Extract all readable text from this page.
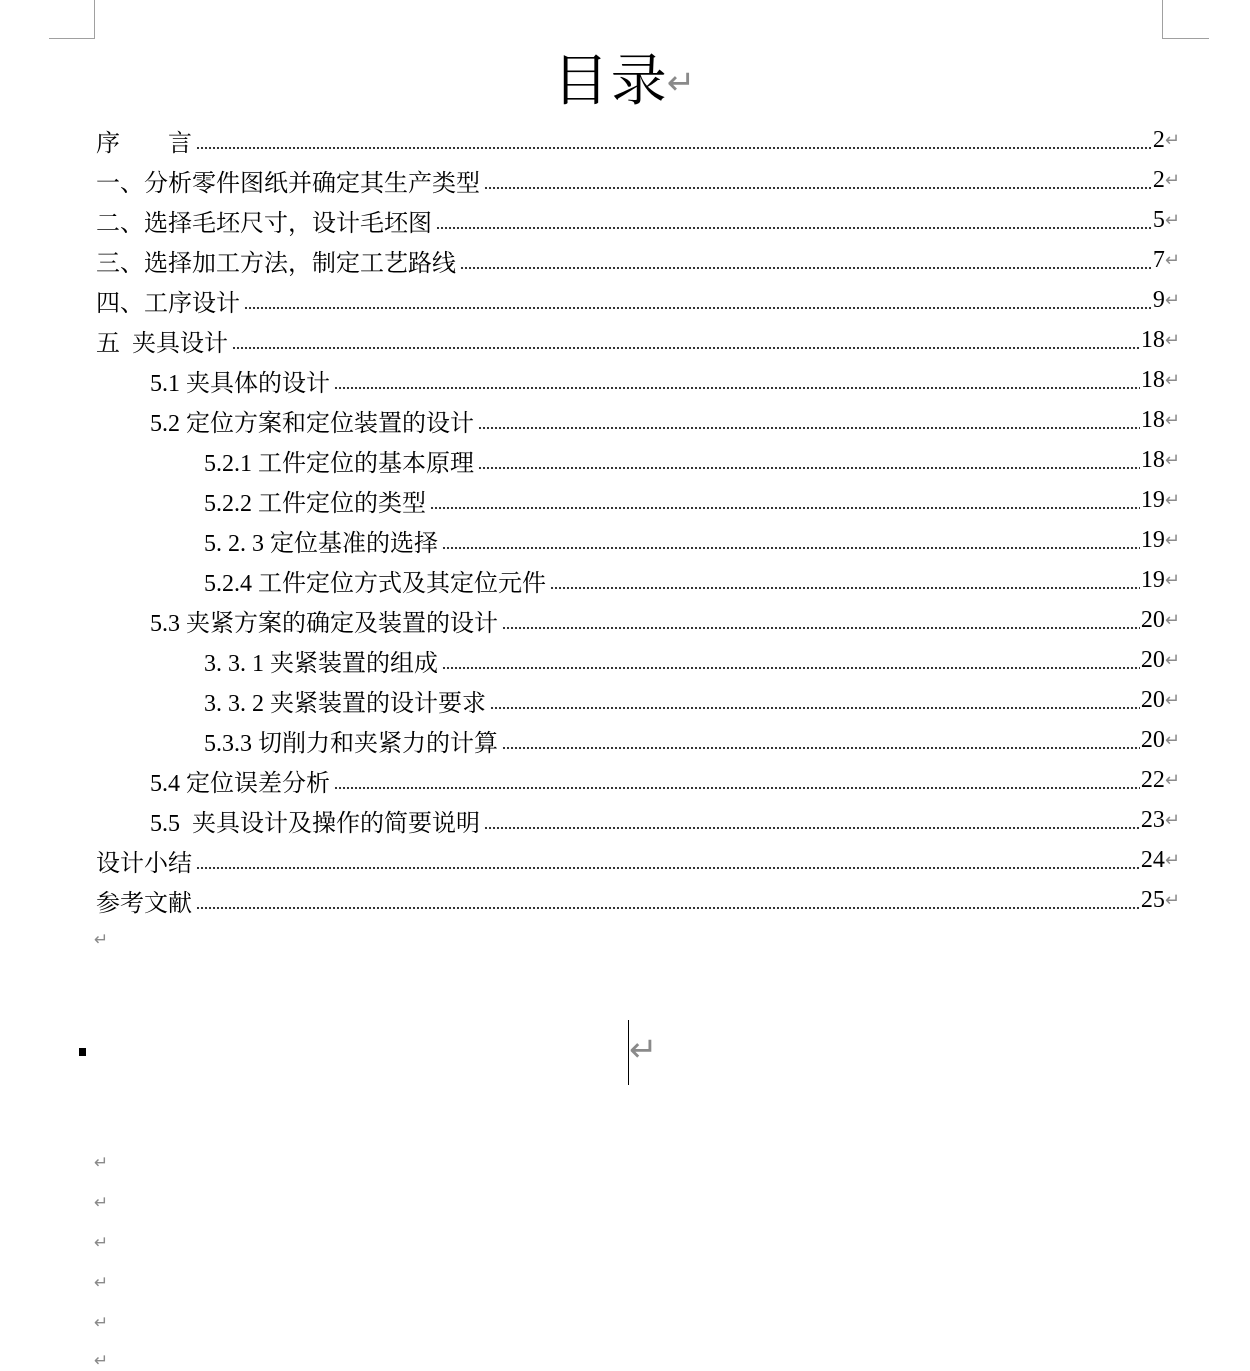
目录↵
序　　言	2 ↵
一、分析零件图纸并确定其生产类型	2 ↵
二、选择毛坯尺寸，设计毛坯图	5 ↵
三、选择加工方法，制定工艺路线	7 ↵
四、工序设计	9 ↵
五  夹具设计	18 ↵
5.1 夹具体的设计	18 ↵
5.2 定位方案和定位装置的设计	18 ↵
5.2.1 工件定位的基本原理	18 ↵
5.2.2 工件定位的类型	19 ↵
5. 2. 3 定位基准的选择	19 ↵
5.2.4 工件定位方式及其定位元件	19 ↵
5.3 夹紧方案的确定及装置的设计	20 ↵
3. 3. 1 夹紧装置的组成	20 ↵
3. 3. 2 夹紧装置的设计要求	20 ↵
5.3.3 切削力和夹紧力的计算	20 ↵
5.4 定位误差分析	22 ↵
5.5  夹具设计及操作的简要说明	23 ↵
设计小结	24 ↵
参考文献	25 ↵
↵
↵
↵
↵
↵
↵
↵
↵
